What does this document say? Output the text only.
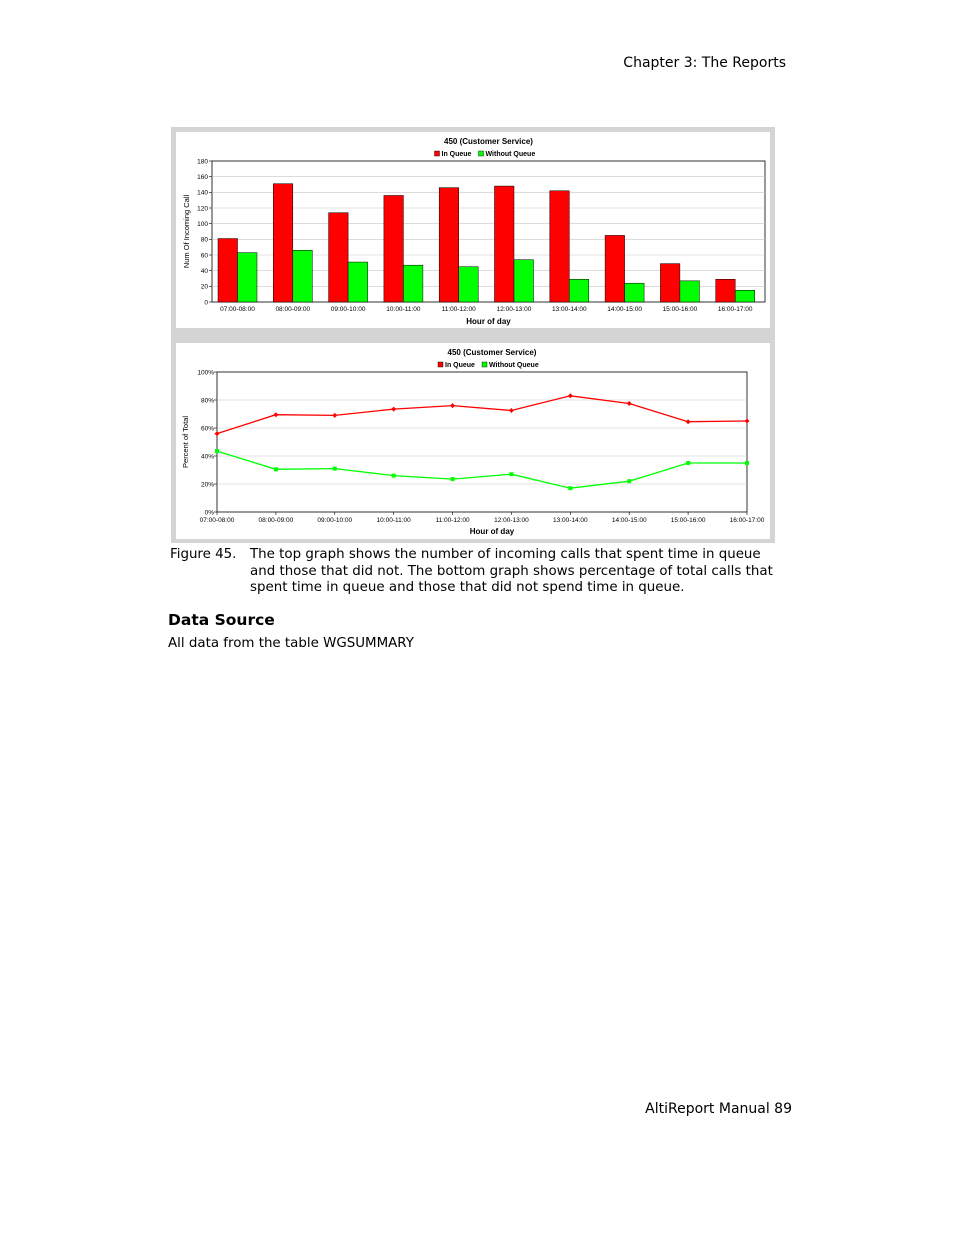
Chapter 3: The Reports
0
20
40
60
80
100
120
140
160
180
07:00-08:00	08:00-09:00	09:00-10:00	10:00-11:00	11:00-12:00	12:00-13:00	13:00-14:00	14:00-15:00	15:00-16:00	16:00-17:00
450 (Customer Service)
In Queue Without Queue
Num Of Incoming Call
Hour of day
0%
20%
40%
60%
80%
100%
07:00-08:00	08:00-09:00	09:00-10:00	10:00-11:00	11:00-12:00	12:00-13:00	13:00-14:00	14:00-15:00	15:00-16:00	16:00-17:00
450 (Customer Service)
In Queue Without Queue
Percent of Total
Hour of day
Figure 45. The top graph shows the number of incoming calls that spent time in queue and those that did not. The bottom graph shows percentage of total calls that spent time in queue and those that did not spend time in queue.
Data Source
All data from the table WGSUMMARY
AltiReport Manual 89
